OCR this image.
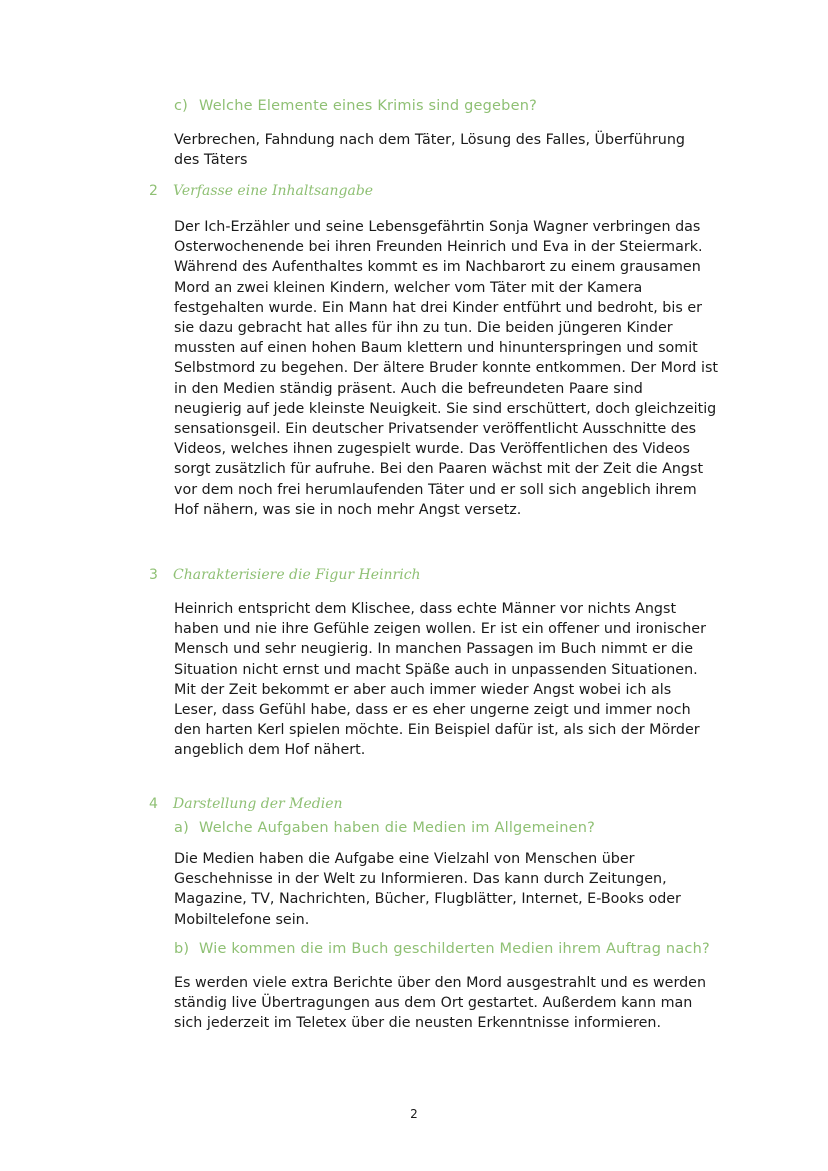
c) Welche Elemente eines Krimis sind gegeben?

Verbrechen, Fahndung nach dem Täter, Lösung des Falles, Überführung
des Täters

2 Verfasse eine Inhaltsangabe

Der Ich-Erzähler und seine Lebensgefährtin Sonja Wagner verbringen das
Osterwochenende bei ihren Freunden Heinrich und Eva in der Steiermark.
Während des Aufenthaltes kommt es im Nachbarort zu einem grausamen
Mord an zwei kleinen Kindern, welcher vom Täter mit der Kamera
festgehalten wurde. Ein Mann hat drei Kinder entführt und bedroht, bis er
sie dazu gebracht hat alles für ihn zu tun. Die beiden jüngeren Kinder
mussten auf einen hohen Baum klettern und hinunterspringen und somit
Selbstmord zu begehen. Der ältere Bruder konnte entkommen. Der Mord ist
in den Medien ständig präsent. Auch die befreundeten Paare sind
neugierig auf jede kleinste Neuigkeit. Sie sind erschüttert, doch gleichzeitig
sensationsgeil. Ein deutscher Privatsender veröffentlicht Ausschnitte des
Videos, welches ihnen zugespielt wurde. Das Veröffentlichen des Videos
sorgt zusätzlich für aufruhe. Bei den Paaren wächst mit der Zeit die Angst
vor dem noch frei herumlaufenden Täter und er soll sich angeblich ihrem
Hof nähern, was sie in noch mehr Angst versetz.

3 Charakterisiere die Figur Heinrich

Heinrich entspricht dem Klischee, dass echte Männer vor nichts Angst
haben und nie ihre Gefühle zeigen wollen. Er ist ein offener und ironischer
Mensch und sehr neugierig. In manchen Passagen im Buch nimmt er die
Situation nicht ernst und macht Späße auch in unpassenden Situationen.
Mit der Zeit bekommt er aber auch immer wieder Angst wobei ich als
Leser, dass Gefühl habe, dass er es eher ungerne zeigt und immer noch
den harten Kerl spielen möchte. Ein Beispiel dafür ist, als sich der Mörder
angeblich dem Hof nähert.

4 Darstellung der Medien
a) Welche Aufgaben haben die Medien im Allgemeinen?

Die Medien haben die Aufgabe eine Vielzahl von Menschen über
Geschehnisse in der Welt zu Informieren. Das kann durch Zeitungen,
Magazine, TV, Nachrichten, Bücher, Flugblätter, Internet, E-Books oder
Mobiltelefone sein.

b) Wie kommen die im Buch geschilderten Medien ihrem Auftrag nach?

Es werden viele extra Berichte über den Mord ausgestrahlt und es werden
ständig live Übertragungen aus dem Ort gestartet. Außerdem kann man
sich jederzeit im Teletex über die neusten Erkenntnisse informieren.

2
